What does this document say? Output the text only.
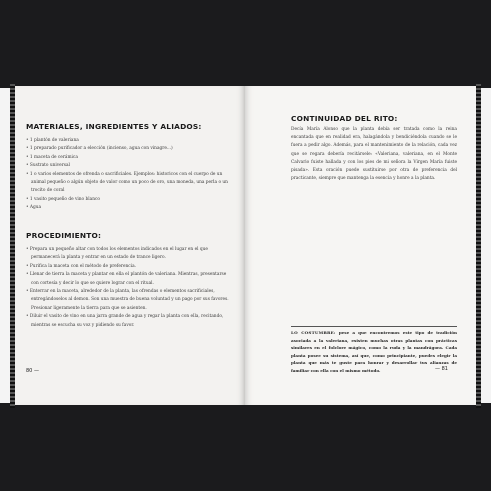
MATERIALES, INGREDIENTES Y ALIADOS:
• 1 plantón de valeriana
• 1 preparado purificador a elección (incienso, agua con vinagre...)
• 1 maceta de cerámica
• Sustrato universal
• 1 o varios elementos de ofrenda o sacrificiales. Ejemplos: historicos con el cuerpo de un animal pequeño o algún objeto de valor como un poco de oro, una moneda, una perla o un trocito de coral
• 1 vasito pequeño de vino blanco
• Agua
PROCEDIMIENTO:
• Prepara un pequeño altar con todos los elementos indicados en el lugar en el que permanecerá la planta y entrar en un estado de trance ligero.
• Purifica la maceta con el método de preferencia.
• Llenar de tierra la maceta y plantar en ella el plantón de valeriana. Mientras, presentarse con cortesía y decir lo que se quiere lograr con el ritual.
• Enterrar en la maceta, alrededor de la planta, las ofrendas o elementos sacrificiales, entregándoselos al demon. Son una muestra de buena voluntad y un pago por sus favores. Presionar ligeramente la tierra para que se asienten.
• Diluir el vasito de vino en una jarra grande de agua y regar la planta con ella, recitando, mientras se escucha su voz y pidiendo su favor.
80 —
CONTINUIDAD DEL RITO:

Decía María Alonso que la planta debía ser tratada como la reina encantada que en realidad era, halagándola y bendiciéndola cuando se le fuera a pedir algo. Además, para el mantenimiento de la relación, cada vez que se regara debería recitársele: «Valeriana, valeriana, en el Monte Calvario fuiste hallada y con los pies de mi señora la Virgen María fuiste pisada». Esta oración puede sustituirse por otra de preferencia del practicante, siempre que mantenga la esencia y honre a la planta.

LO COSTUMBRE: pese a que encontremos este tipo de tradición asociada a la valeriana, existen muchas otras plantas con prácticas similares en el folclore mágico, como la ruda y la mandrágora. Cada planta posee su sistema, así que, como principiante, puedes elegir la planta que más te guste para honrar y desarrollar tus alianzas de familiar con ella con el mismo método.	— 81
